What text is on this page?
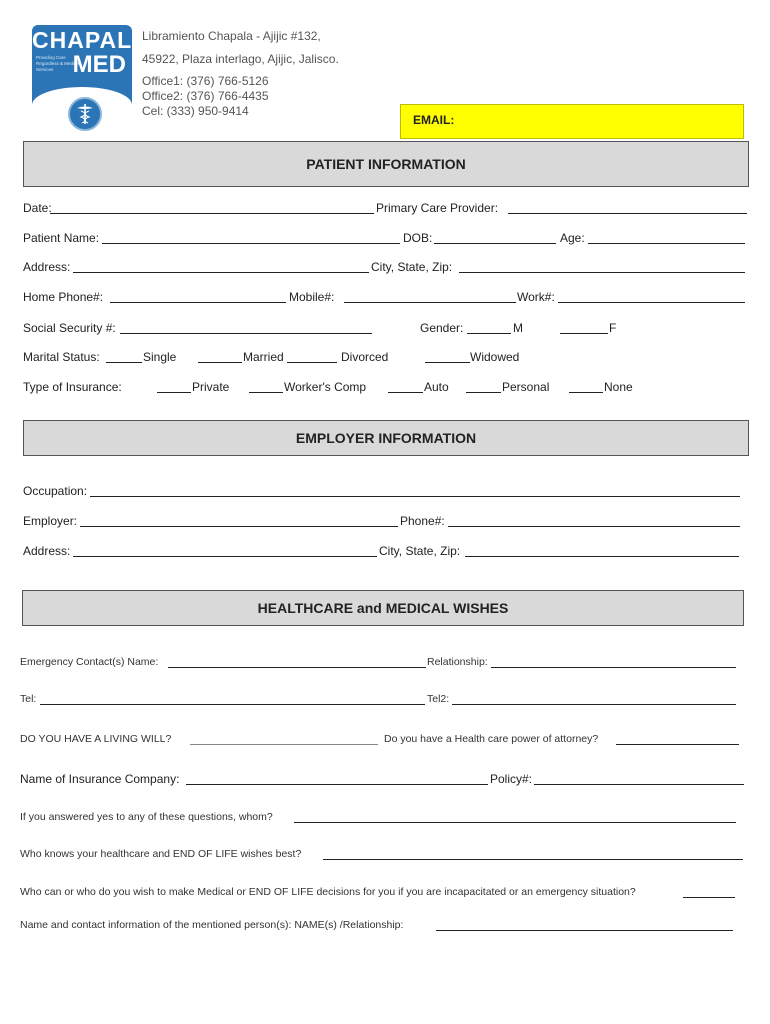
CHAPALA
Providing Care Regardless & Medical Services MED
Libramiento Chapala - Ajijic #132,
45922, Plaza interlago, Ajijic, Jalisco.
Office1: (376) 766-5126
Office2: (376) 766-4435
Cel: (333) 950-9414
EMAIL:
PATIENT INFORMATION
Date:	Primary Care Provider:
Patient Name:	DOB:	Age:
Address:	City, State, Zip:
Home Phone#:	Mobile#:	Work#:
Social Security #:	Gender:	M	F
Marital Status:	Single	Married	Divorced	Widowed
Type of Insurance:	Private	Worker's Comp	Auto	Personal	None
EMPLOYER INFORMATION
Occupation:
Employer:	Phone#:
Address:	City, State, Zip:
HEALTHCARE and MEDICAL WISHES
Emergency Contact(s) Name:	Relationship:
Tel:	Tel2:
DO YOU HAVE A LIVING WILL?	Do you have a Health care power of attorney?
Name of Insurance Company:	Policy#:
If you answered yes to any of these questions, whom?
Who knows your healthcare and END OF LIFE wishes best?
Who can or who do you wish to make Medical or END OF LIFE decisions for you if you are incapacitated or an emergency situation?
Name and contact information of the mentioned person(s): NAME(s) /Relationship:
